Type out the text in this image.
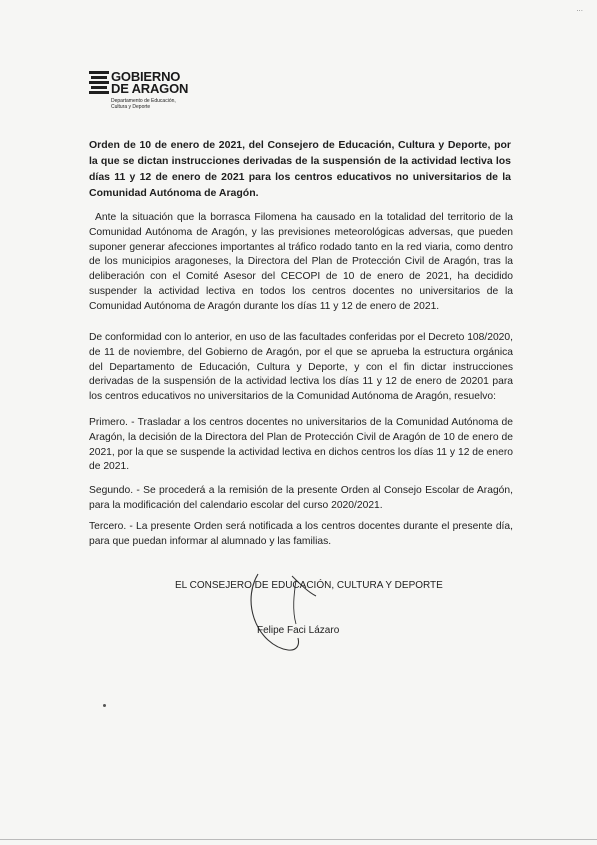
...
GOBIERNO
DE ARAGON
Departamento de Educación,
Cultura y Deporte
Orden de 10 de enero de 2021, del Consejero de Educación, Cultura y Deporte, por la que se dictan instrucciones derivadas de la suspensión de la actividad lectiva los días 11 y 12 de enero de 2021 para los centros educativos no universitarios de la Comunidad Autónoma de Aragón.
Ante la situación que la borrasca Filomena ha causado en la totalidad del territorio de la Comunidad Autónoma de Aragón, y las previsiones meteorológicas adversas, que pueden suponer generar afecciones importantes al tráfico rodado tanto en la red viaria, como dentro de los municipios aragoneses, la Directora del Plan de Protección Civil de Aragón, tras la deliberación con el Comité Asesor del CECOPI de 10 de enero de 2021, ha decidido suspender la actividad lectiva en todos los centros docentes no universitarios de la Comunidad Autónoma de Aragón durante los días 11 y 12 de enero de 2021.
De conformidad con lo anterior, en uso de las facultades conferidas por el Decreto 108/2020, de 11 de noviembre, del Gobierno de Aragón, por el que se aprueba la estructura orgánica del Departamento de Educación, Cultura y Deporte, y con el fin dictar instrucciones derivadas de la suspensión de la actividad lectiva los días 11 y 12 de enero de 20201 para los centros educativos no universitarios de la Comunidad Autónoma de Aragón, resuelvo:
Primero. - Trasladar a los centros docentes no universitarios de la Comunidad Autónoma de Aragón, la decisión de la Directora del Plan de Protección Civil de Aragón de 10 de enero de 2021, por la que se suspende la actividad lectiva en dichos centros los días 11 y 12 de enero de 2021.
Segundo. - Se procederá a la remisión de la presente Orden al Consejo Escolar de Aragón, para la modificación del calendario escolar del curso 2020/2021.
Tercero. - La presente Orden será notificada a los centros docentes durante el presente día, para que puedan informar al alumnado y las familias.
EL CONSEJERO DE EDUCACIÓN, CULTURA Y DEPORTE
Felipe Faci Lázaro
